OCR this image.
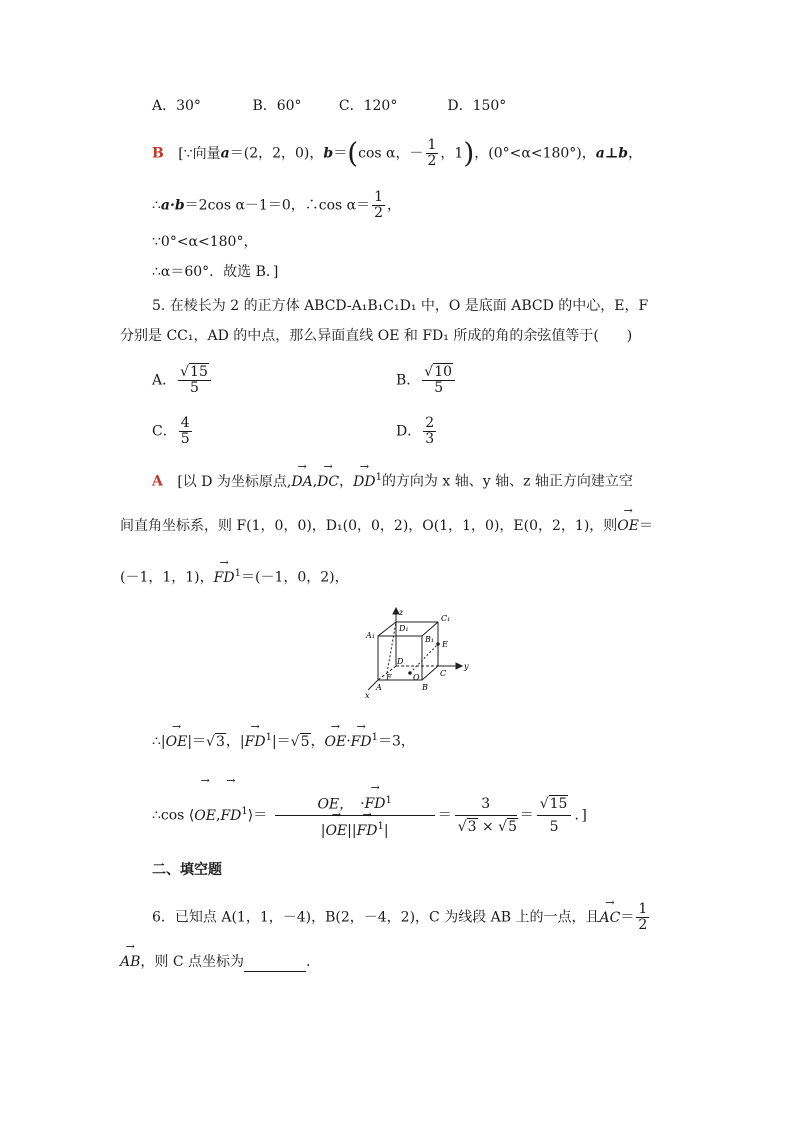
A．30°	B．60°	C．120°	D．150°
B [∵向量a＝(2，2，0)，b＝(cos α，－ $\frac{1}{2}$ ，1)，(0°<α<180°)，a⊥b，
∴a·b＝2cos α－1＝0，∴cos $\alpha= \frac{1}{2}$ ，
∵0°<α<180°，
∴α＝60°．故选 B．]
5. 在棱长为 2 的正方体 ABCD-A₁B₁C₁D₁ 中，O 是底面 ABCD 的中心，E，F
分别是 CC₁，AD 的中点，那么异面直线 OE 和 FD₁ 所成的角的余弦值等于(　　)
A． $\frac{√15}{5}$	B． $\frac{√10}{5}$
C． $\frac{4}{5}$	D． $\frac{2}{3}$
A [以 D 为坐标原点,→ DA,→ DC，→ $DD^1$的方向为 x 轴、y 轴、z 轴正方向建立空
间直角坐标系，则 F(1，0，0)，D₁(0，0，2)，O(1，1，0)，E(0，2，1)，则→ OE＝
(－1，1，1)，→ $FD^1=(-1$，0，2)，
z
C₁
A₁
D₁
B₁
E
D
y
F	O	C
A	B
x
∴|→ OE|＝√3，|→ $FD^1|=√5$，→ $OE\cdot\to FD^1=3$，
∴cos ⟨→ $OE,\to FD^1⟩= \frac{OE, \cdot\to FD^1}{|\to OE||\to FD^1|} = \frac{3}{√3 \times √5} = \frac{√15}{5}$ ．]
二、填空题
6．已知点 A(1，1，－4)，B(2，－4，2)，C 为线段 AB 上的一点，且→ $AC= \frac{1}{2}$
→ AB，则 C 点坐标为	.
